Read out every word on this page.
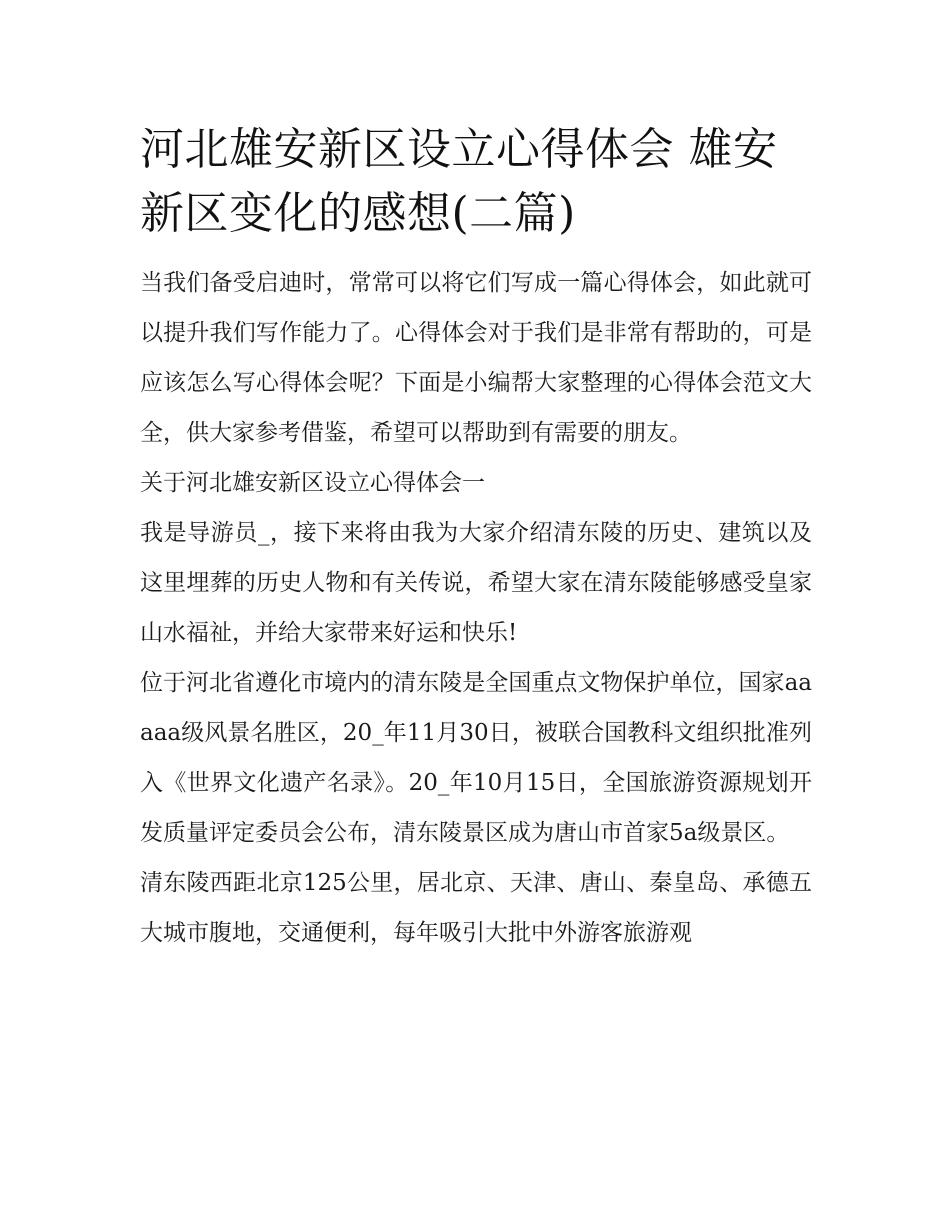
河北雄安新区设立心得体会 雄安新区变化的感想(二篇)

当我们备受启迪时，常常可以将它们写成一篇心得体会，如此就可以提升我们写作能力了。心得体会对于我们是非常有帮助的，可是应该怎么写心得体会呢？下面是小编帮大家整理的心得体会范文大全，供大家参考借鉴，希望可以帮助到有需要的朋友。

关于河北雄安新区设立心得体会一

我是导游员_，接下来将由我为大家介绍清东陵的历史、建筑以及这里埋葬的历史人物和有关传说，希望大家在清东陵能够感受皇家山水福祉，并给大家带来好运和快乐!

位于河北省遵化市境内的清东陵是全国重点文物保护单位，国家aaaaa级风景名胜区，20_年11月30日，被联合国教科文组织批准列入《世界文化遗产名录》。20_年10月15日，全国旅游资源规划开发质量评定委员会公布，清东陵景区成为唐山市首家5a级景区。

清东陵西距北京125公里，居北京、天津、唐山、秦皇岛、承德五大城市腹地，交通便利，每年吸引大批中外游客旅游观
